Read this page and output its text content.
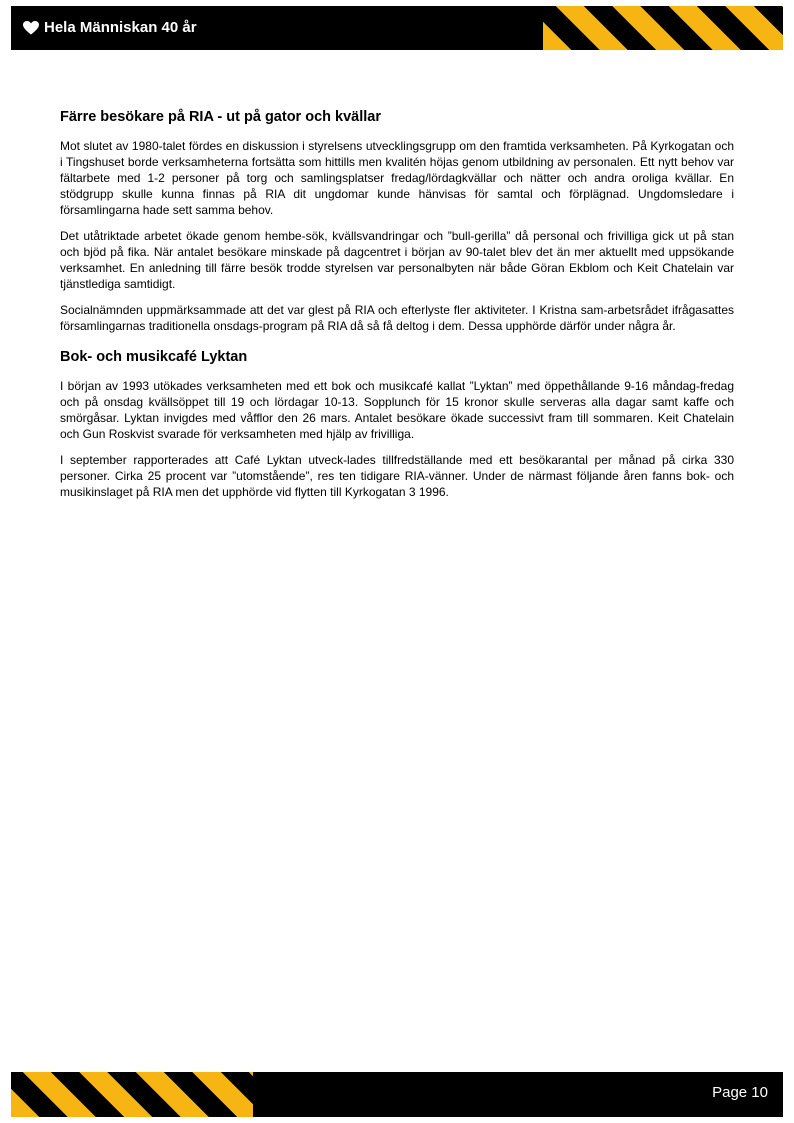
Hela Människan 40 år
Färre besökare på RIA - ut på gator och kvällar

Mot slutet av 1980-talet fördes en diskussion i styrelsens utvecklingsgrupp om den framtida verksamheten. På Kyrkogatan och i Tingshuset borde verksamheterna fortsätta som hittills men kvalitén höjas genom utbildning av personalen. Ett nytt behov var fältarbete med 1-2 personer på torg och samlingsplatser fredag/lördagkvällar och nätter och andra oroliga kvällar. En stödgrupp skulle kunna finnas på RIA dit ungdomar kunde hänvisas för samtal och förplägnad. Ungdomsledare i församlingarna hade sett samma behov.

Det utåtriktade arbetet ökade genom hembe-sök, kvällsvandringar och ”bull-gerilla” då personal och frivilliga gick ut på stan och bjöd på fika. När antalet besökare minskade på dagcentret i början av 90-talet blev det än mer aktuellt med uppsökande verksamhet. En anledning till färre besök trodde styrelsen var personalbyten när både Göran Ekblom och Keit Chatelain var tjänstlediga samtidigt.

Socialnämnden uppmärksammade att det var glest på RIA och efterlyste fler aktiviteter. I Kristna sam-arbetsrådet ifrågasattes församlingarnas traditionella onsdags-program på RIA då så få deltog i dem. Dessa upphörde därför under några år.

Bok- och musikcafé Lyktan

I början av 1993 utökades verksamheten med ett bok och musikcafé kallat ”Lyktan” med öppethållande 9-16 måndag-fredag och på onsdag kvällsöppet till 19 och lördagar 10-13. Sopplunch för 15 kronor skulle serveras alla dagar samt kaffe och smörgåsar. Lyktan invigdes med våfflor den 26 mars. Antalet besökare ökade successivt fram till sommaren. Keit Chatelain och Gun Roskvist svarade för verksamheten med hjälp av frivilliga.

I september rapporterades att Café Lyktan utveck-lades tillfredställande med ett besökarantal per månad på cirka 330 personer. Cirka 25 procent var ”utomstående”, res ten tidigare RIA-vänner. Under de närmast följande åren fanns bok- och musikinslaget på RIA men det upphörde vid flytten till Kyrkogatan 3 1996.

Page 10
